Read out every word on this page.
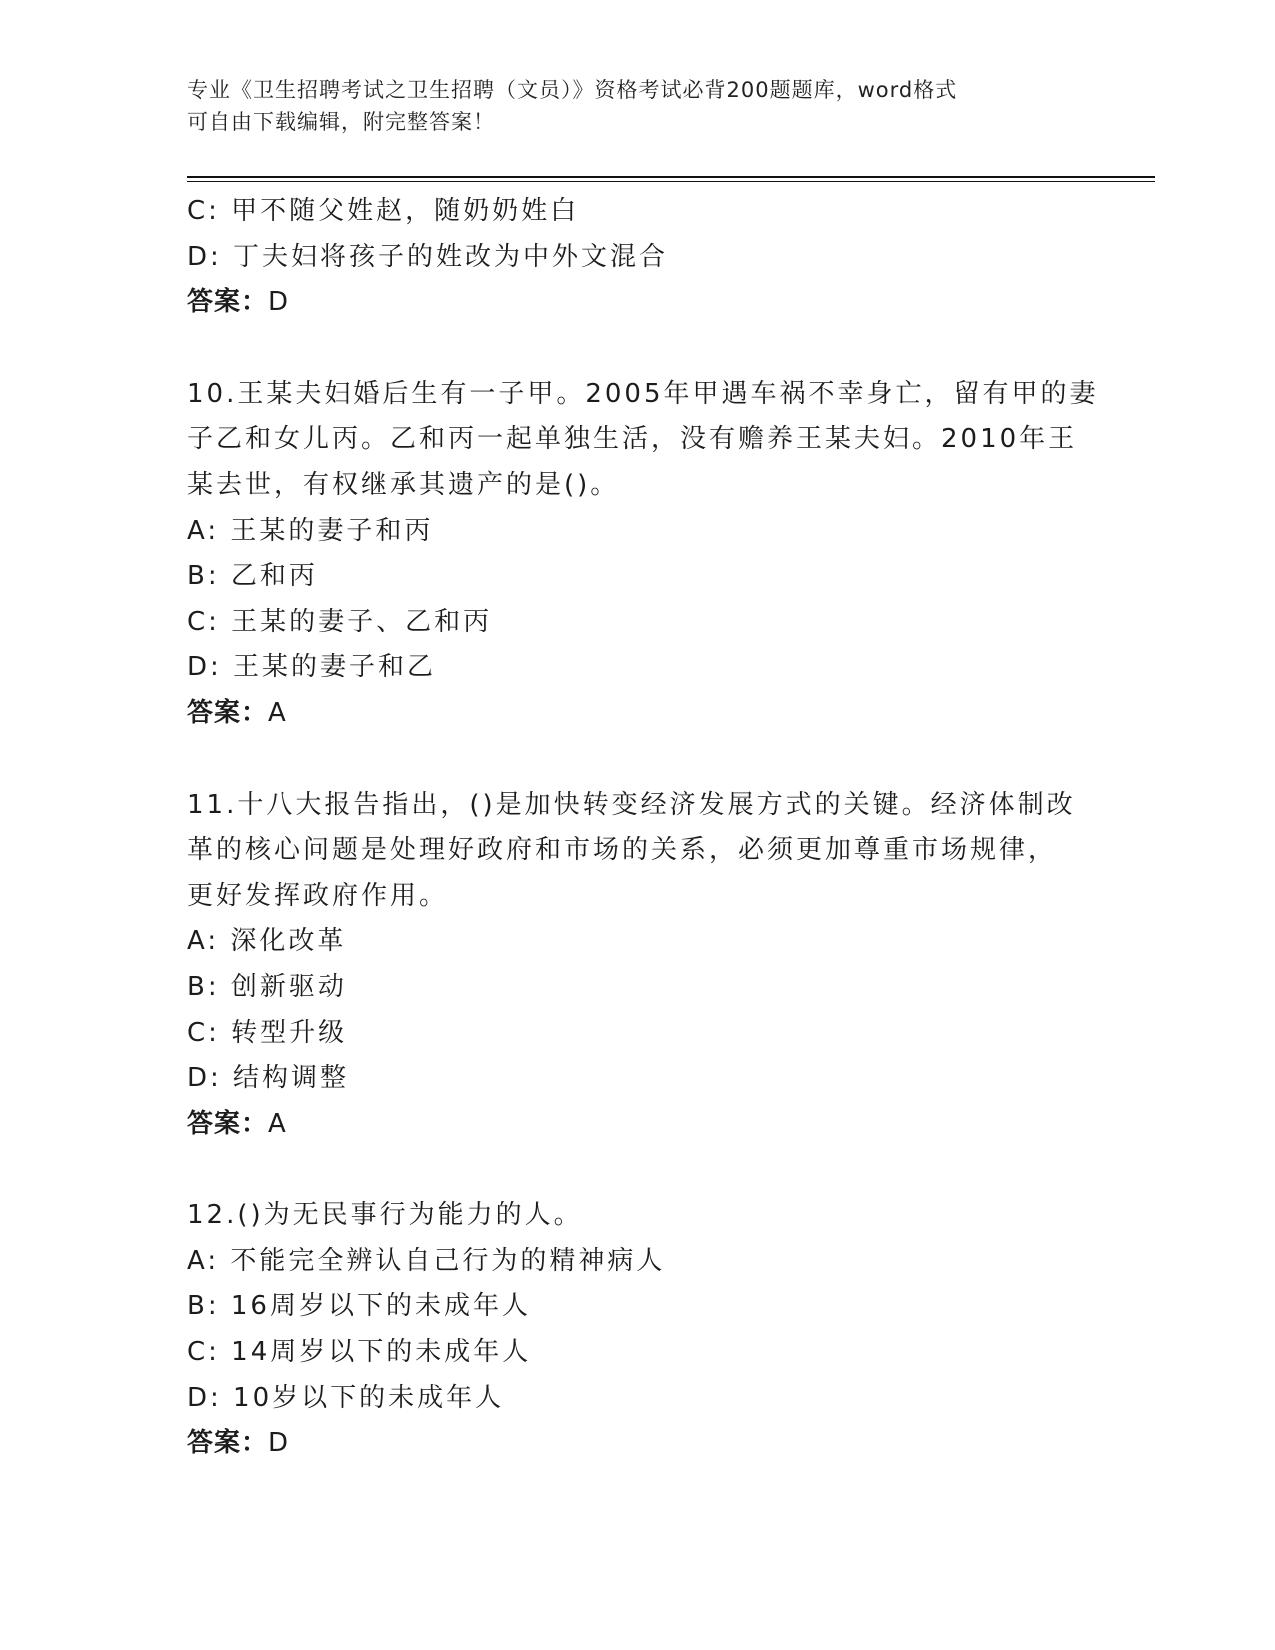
专业《卫生招聘考试之卫生招聘（文员）》资格考试必背200题题库，word格式
可自由下载编辑，附完整答案！
C: 甲不随父姓赵，随奶奶姓白
D: 丁夫妇将孩子的姓改为中外文混合
答案：D
10.王某夫妇婚后生有一子甲。2005年甲遇车祸不幸身亡，留有甲的妻
子乙和女儿丙。乙和丙一起单独生活，没有赡养王某夫妇。2010年王
某去世，有权继承其遗产的是()。
A: 王某的妻子和丙
B: 乙和丙
C: 王某的妻子、乙和丙
D: 王某的妻子和乙
答案：A
11.十八大报告指出，()是加快转变经济发展方式的关键。经济体制改
革的核心问题是处理好政府和市场的关系，必须更加尊重市场规律，
更好发挥政府作用。
A: 深化改革
B: 创新驱动
C: 转型升级
D: 结构调整
答案：A
12.()为无民事行为能力的人。
A: 不能完全辨认自己行为的精神病人
B: 16周岁以下的未成年人
C: 14周岁以下的未成年人
D: 10岁以下的未成年人
答案：D
